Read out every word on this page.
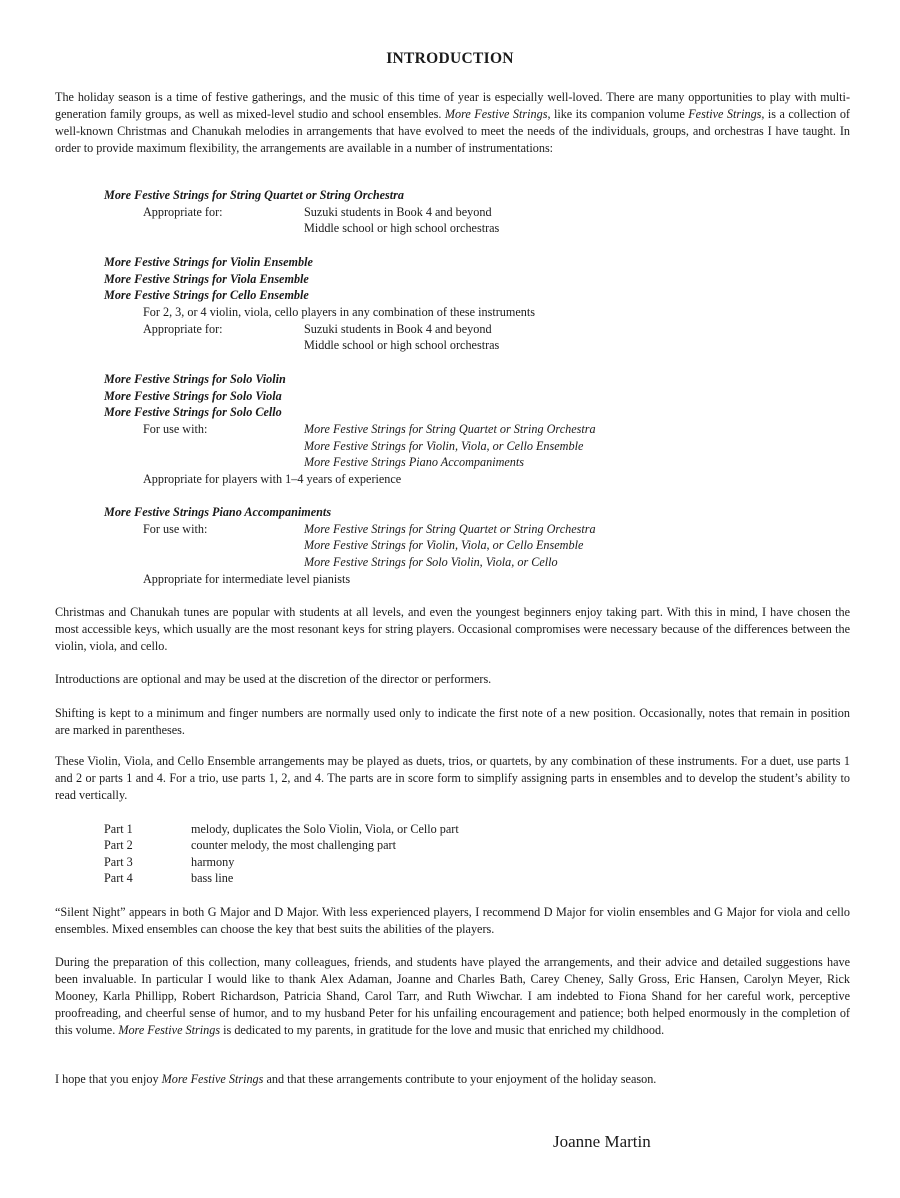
INTRODUCTION

The holiday season is a time of festive gatherings, and the music of this time of year is especially well-loved. There are many opportunities to play with multi-generation family groups, as well as mixed-level studio and school ensembles. More Festive Strings, like its companion volume Festive Strings, is a collection of well-known Christmas and Chanukah melodies in arrangements that have evolved to meet the needs of the individuals, groups, and orchestras I have taught. In order to provide maximum flexibility, the arrangements are available in a number of instrumentations:

More Festive Strings for String Quartet or String Orchestra
Appropriate for:	Suzuki students in Book 4 and beyond
Middle school or high school orchestras
More Festive Strings for Violin Ensemble
More Festive Strings for Viola Ensemble
More Festive Strings for Cello Ensemble
For 2, 3, or 4 violin, viola, cello players in any combination of these instruments
Appropriate for:	Suzuki students in Book 4 and beyond
Middle school or high school orchestras
More Festive Strings for Solo Violin
More Festive Strings for Solo Viola
More Festive Strings for Solo Cello
For use with:	More Festive Strings for String Quartet or String Orchestra
More Festive Strings for Violin, Viola, or Cello Ensemble
More Festive Strings Piano Accompaniments
Appropriate for players with 1–4 years of experience
More Festive Strings Piano Accompaniments
For use with:	More Festive Strings for String Quartet or String Orchestra
More Festive Strings for Violin, Viola, or Cello Ensemble
More Festive Strings for Solo Violin, Viola, or Cello
Appropriate for intermediate level pianists

Christmas and Chanukah tunes are popular with students at all levels, and even the youngest beginners enjoy taking part. With this in mind, I have chosen the most accessible keys, which usually are the most resonant keys for string players. Occasional compromises were necessary because of the differences between the violin, viola, and cello.

Introductions are optional and may be used at the discretion of the director or performers.

Shifting is kept to a minimum and finger numbers are normally used only to indicate the first note of a new position. Occasionally, notes that remain in position are marked in parentheses.

These Violin, Viola, and Cello Ensemble arrangements may be played as duets, trios, or quartets, by any combination of these instruments. For a duet, use parts 1 and 2 or parts 1 and 4. For a trio, use parts 1, 2, and 4. The parts are in score form to simplify assigning parts in ensembles and to develop the student’s ability to read vertically.

Part 1	melody, duplicates the Solo Violin, Viola, or Cello part
Part 2	counter melody, the most challenging part
Part 3	harmony
Part 4	bass line

“Silent Night” appears in both G Major and D Major. With less experienced players, I recommend D Major for violin ensembles and G Major for viola and cello ensembles. Mixed ensembles can choose the key that best suits the abilities of the players.

During the preparation of this collection, many colleagues, friends, and students have played the arrangements, and their advice and detailed suggestions have been invaluable. In particular I would like to thank Alex Adaman, Joanne and Charles Bath, Carey Cheney, Sally Gross, Eric Hansen, Carolyn Meyer, Rick Mooney, Karla Phillipp, Robert Richardson, Patricia Shand, Carol Tarr, and Ruth Wiwchar. I am indebted to Fiona Shand for her careful work, perceptive proofreading, and cheerful sense of humor, and to my husband Peter for his unfailing encouragement and patience; both helped enormously in the completion of this volume. More Festive Strings is dedicated to my parents, in gratitude for the love and music that enriched my childhood.

I hope that you enjoy More Festive Strings and that these arrangements contribute to your enjoyment of the holiday season.

Joanne Martin
